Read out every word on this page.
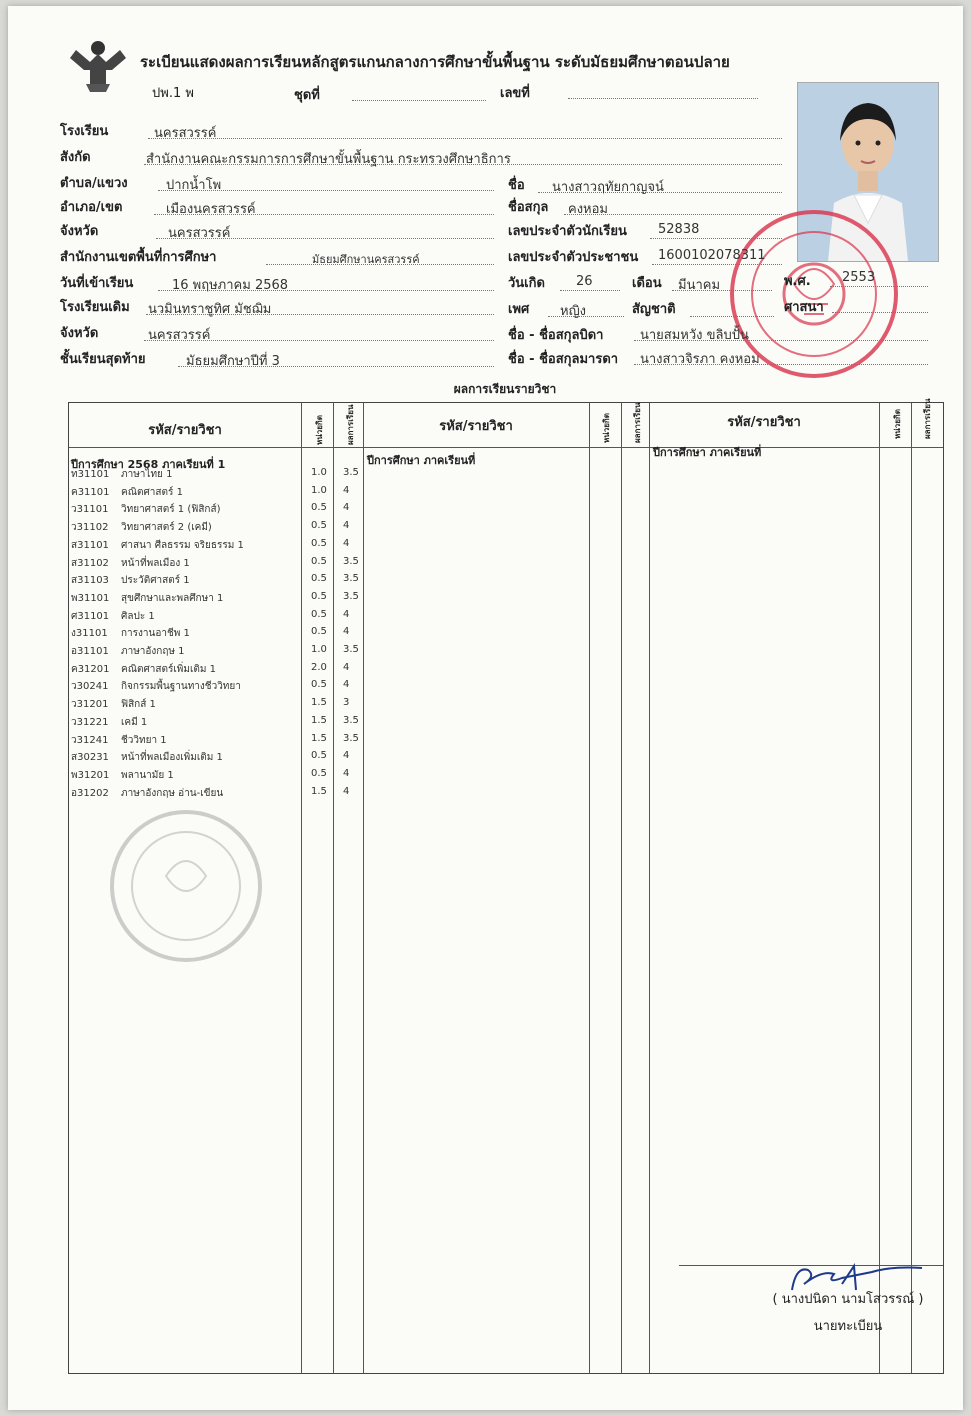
ระเบียนแสดงผลการเรียนหลักสูตรแกนกลางการศึกษาขั้นพื้นฐาน ระดับมัธยมศึกษาตอนปลาย
ปพ.1 พ	ชุดที่	เลขที่
โรงเรียน	นครสวรรค์
สังกัด	สำนักงานคณะกรรมการการศึกษาขั้นพื้นฐาน กระทรวงศึกษาธิการ
ตำบล/แขวง	ปากน้ำโพ
อำเภอ/เขต	เมืองนครสวรรค์
จังหวัด	นครสวรรค์
สำนักงานเขตพื้นที่การศึกษา	มัธยมศึกษานครสวรรค์
วันที่เข้าเรียน	16 พฤษภาคม 2568
โรงเรียนเดิม นวมินทราชูทิศ มัชฌิม
จังหวัด	นครสวรรค์
ชั้นเรียนสุดท้าย	มัธยมศึกษาปีที่ 3
ชื่อ นางสาวฤทัยกาญจน์
ชื่อสกุล คงหอม
เลขประจำตัวนักเรียน 52838
เลขประจำตัวประชาชน 1600102078311
วันเกิด 26	เดือน มีนาคม	พ.ศ. 2553
เพศ หญิง	สัญชาติ	ศาสนา
ชื่อ - ชื่อสกุลบิดา	นายสมหวัง ขลิบปั้น
ชื่อ - ชื่อสกุลมารดา นางสาวจิรภา คงหอม
ผลการเรียนรายวิชา
รหัส/รายวิชา	หน่วยกิต	ผลการเรียน	รหัส/รายวิชา	หน่วยกิต	ผลการเรียน	รหัส/รายวิชา	หน่วยกิต	ผลการเรียน
ปีการศึกษา 2568 ภาคเรียนที่ 1	ปีการศึกษา ภาคเรียนที่
ปีการศึกษา ภาคเรียนที่
ท31101 ภาษาไทย 1	1.0 3.5
ค31101 คณิตศาสตร์ 1	1.0 4
ว31101 วิทยาศาสตร์ 1 (ฟิสิกส์)	0.5 4
ว31102 วิทยาศาสตร์ 2 (เคมี)	0.5 4
ส31101 ศาสนา ศีลธรรม จริยธรรม 1	0.5 4
ส31102 หน้าที่พลเมือง 1	0.5 3.5
ส31103 ประวัติศาสตร์ 1	0.5 3.5
พ31101 สุขศึกษาและพลศึกษา 1	0.5 3.5
ศ31101 ศิลปะ 1	0.5 4
ง31101 การงานอาชีพ 1	0.5 4
อ31101 ภาษาอังกฤษ 1	1.0 3.5
ค31201 คณิตศาสตร์เพิ่มเติม 1	2.0 4
ว30241 กิจกรรมพื้นฐานทางชีววิทยา	0.5 4
ว31201 ฟิสิกส์ 1	1.5 3
ว31221 เคมี 1	1.5 3.5
ว31241 ชีววิทยา 1	1.5 3.5
ส30231 หน้าที่พลเมืองเพิ่มเติม 1	0.5 4
พ31201 พลานามัย 1	0.5 4
อ31202 ภาษาอังกฤษ อ่าน-เขียน	1.5 4
( นางปนิดา นามโสวรรณ์ )
นายทะเบียน
